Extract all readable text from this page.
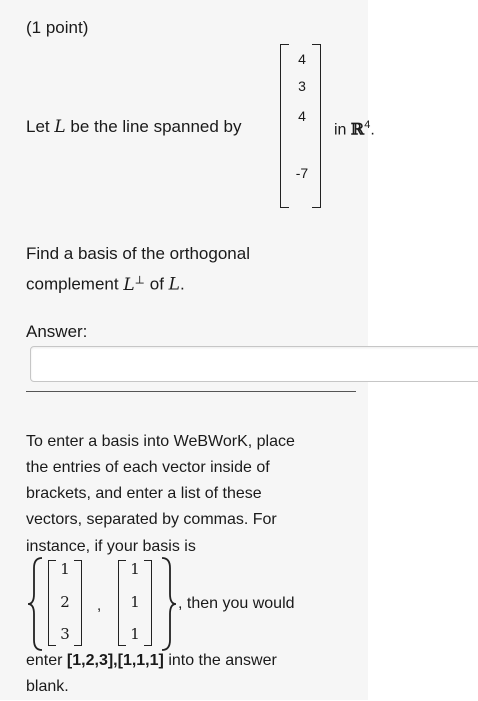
(1 point)
Let L be the line spanned by
4
3
4
-7
in ℝ$^4$.
Find a basis of the orthogonal
complement L⊥ of L.
Answer:
To enter a basis into WeBWorK, place
the entries of each vector inside of
brackets, and enter a list of these
vectors, separated by commas. For
instance, if your basis is
1
2
3
,
1
1
1
, then you would
enter [1,2,3],[1,1,1] into the answer
blank.
